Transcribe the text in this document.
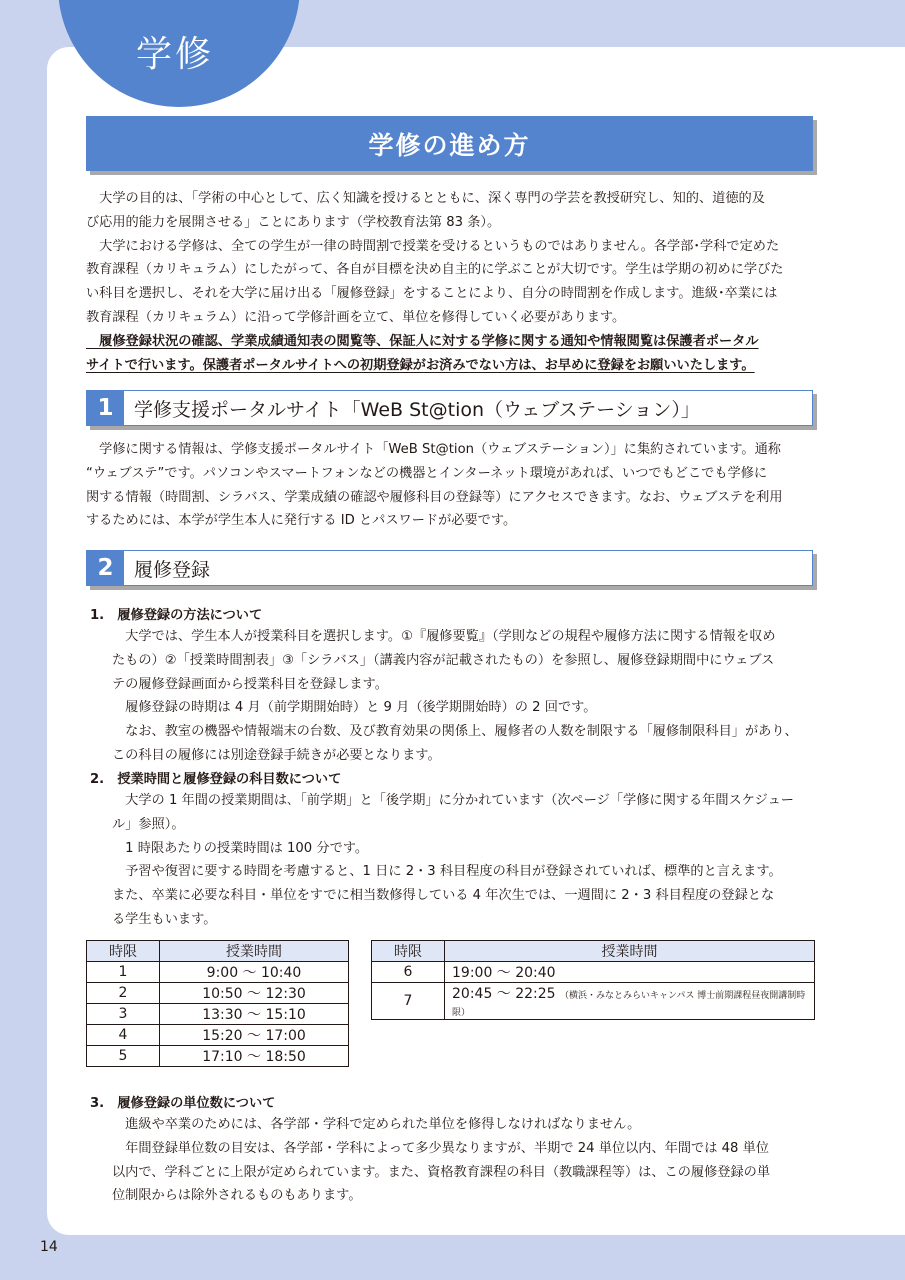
学修
学修の進め方
　大学の目的は、「学術の中心として、広く知識を授けるとともに、深く専門の学芸を教授研究し、知的、道徳的及
び応用的能力を展開させる」ことにあります（学校教育法第 83 条）。
　大学における学修は、全ての学生が一律の時間割で授業を受けるというものではありません。各学部･学科で定めた
教育課程（カリキュラム）にしたがって、各自が目標を決め自主的に学ぶことが大切です。学生は学期の初めに学びた
い科目を選択し、それを大学に届け出る「履修登録」をすることにより、自分の時間割を作成します。進級･卒業には
教育課程（カリキュラム）に沿って学修計画を立て、単位を修得していく必要があります。
　履修登録状況の確認、学業成績通知表の閲覧等、保証人に対する学修に関する通知や情報閲覧は保護者ポータル
サイトで行います。保護者ポータルサイトへの初期登録がお済みでない方は、お早めに登録をお願いいたします。
1	学修支援ポータルサイト「WeB St@tion（ウェブステーション）」
　学修に関する情報は、学修支援ポータルサイト「WeB St@tion（ウェブステーション）」に集約されています。通称
“ウェブステ”です。パソコンやスマートフォンなどの機器とインターネット環境があれば、いつでもどこでも学修に
関する情報（時間割、シラバス、学業成績の確認や履修科目の登録等）にアクセスできます。なお、ウェブステを利用
するためには、本学が学生本人に発行する ID とパスワードが必要です。
2	履修登録
1.　履修登録の方法について
　大学では、学生本人が授業科目を選択します。①『履修要覧』（学則などの規程や履修方法に関する情報を収め
たもの）②「授業時間割表」③「シラバス」（講義内容が記載されたもの）を参照し、履修登録期間中にウェブス
テの履修登録画面から授業科目を登録します。
　履修登録の時期は 4 月（前学期開始時）と 9 月（後学期開始時）の 2 回です。
　なお、教室の機器や情報端末の台数、及び教育効果の関係上、履修者の人数を制限する「履修制限科目」があり、
この科目の履修には別途登録手続きが必要となります。
2.　授業時間と履修登録の科目数について
　大学の 1 年間の授業期間は､「前学期」と「後学期」に分かれています（次ページ「学修に関する年間スケジュー
ル」参照）。
　1 時限あたりの授業時間は 100 分です。
　予習や復習に要する時間を考慮すると、1 日に 2・3 科目程度の科目が登録されていれば、標準的と言えます。
また、卒業に必要な科目・単位をすでに相当数修得している 4 年次生では、一週間に 2・3 科目程度の登録とな
る学生もいます。
時限	授業時間
1	9:00 ～ 10:40
2	10:50 ～ 12:30
3	13:30 ～ 15:10
4	15:20 ～ 17:00
5	17:10 ～ 18:50
時限	授業時間
6	19:00 ～ 20:40
7	20:45 ～ 22:25 （横浜・みなとみらいキャンパス 博士前期課程昼夜開講制時限）
3.　履修登録の単位数について
　進級や卒業のためには、各学部・学科で定められた単位を修得しなければなりません。
　年間登録単位数の目安は、各学部・学科によって多少異なりますが、半期で 24 単位以内、年間では 48 単位
以内で、学科ごとに上限が定められています。また、資格教育課程の科目（教職課程等）は、この履修登録の単
位制限からは除外されるものもあります。
14
